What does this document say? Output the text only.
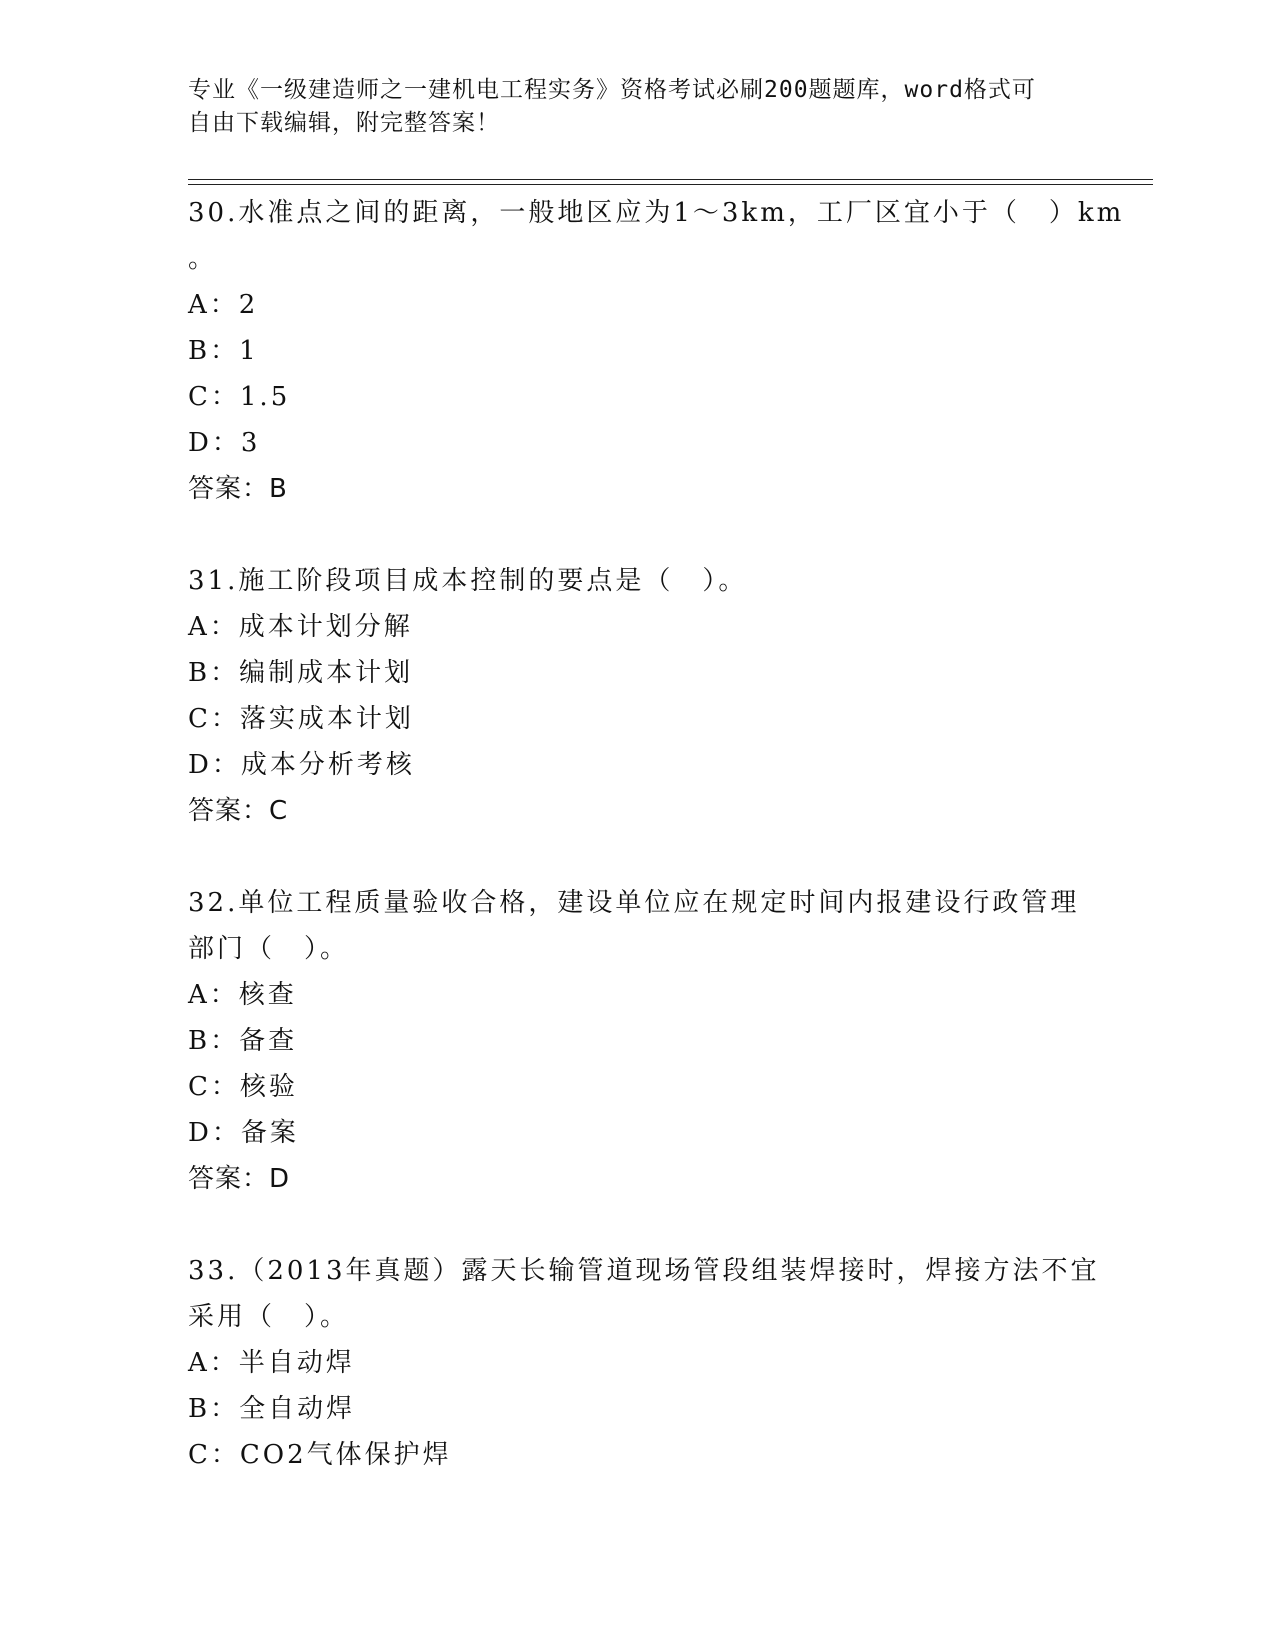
专业《一级建造师之一建机电工程实务》资格考试必刷200题题库，word格式可
自由下载编辑，附完整答案！
30.水准点之间的距离，一般地区应为1～3km，工厂区宜小于（　）km
。
A：2
B：1
C：1.5
D：3
答案：B
31.施工阶段项目成本控制的要点是（　）。
A：成本计划分解
B：编制成本计划
C：落实成本计划
D：成本分析考核
答案：C
32.单位工程质量验收合格，建设单位应在规定时间内报建设行政管理
部门（　）。
A：核查
B：备查
C：核验
D：备案
答案：D
33.（2013年真题）露天长输管道现场管段组装焊接时，焊接方法不宜
采用（　）。
A：半自动焊
B：全自动焊
C：CO2气体保护焊
